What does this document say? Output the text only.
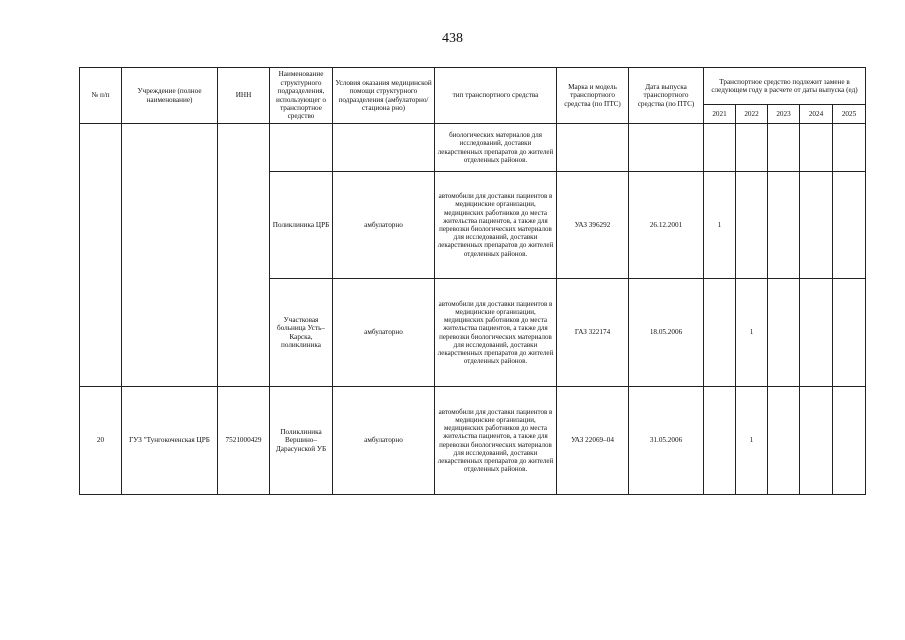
438
№ п/п	Учреждение (полное наименование)	ИНН	Наименование структурного подразделения, использующег о транспортное средство	Условия оказания медицинской помощи структурного подразделения (амбулаторно/стациона рно)	тип транспортного средства	Марка и модель транспортного средства (по ПТС)	Дата выпуска транспортного средства (по ПТС)	Транспортное средство подлежит замене в следующем году в расчете от даты выпуска (ед)				
								2021	2022	2023	2024	2025
					биологических материалов для исследований, доставки лекарственных препаратов до жителей отделенных районов.							
			Поликлиника ЦРБ	амбулаторно	автомобили для доставки пациентов в медицинские организации, медицинских работников до места жительства пациентов, а также для перевозки биологических материалов для исследований, доставки лекарственных препаратов до жителей отделенных районов.	УАЗ 396292	26.12.2001	1				
			Участковая больница Усть–Карска, поликлиника	амбулаторно	автомобили для доставки пациентов в медицинские организации, медицинских работников до места жительства пациентов, а также для перевозки биологических материалов для исследований, доставки лекарственных препаратов до жителей отделенных районов.	ГАЗ 322174	18.05.2006		1			
20	ГУЗ "Тунгокоченская ЦРБ	7521000429	Поликлиника Вершино–Дарасунской УБ	амбулаторно	автомобили для доставки пациентов в медицинские организации, медицинских работников до места жительства пациентов, а также для перевозки биологических материалов для исследований, доставки лекарственных препаратов до жителей отделенных районов.	УАЗ 22069–04	31.05.2006		1			
